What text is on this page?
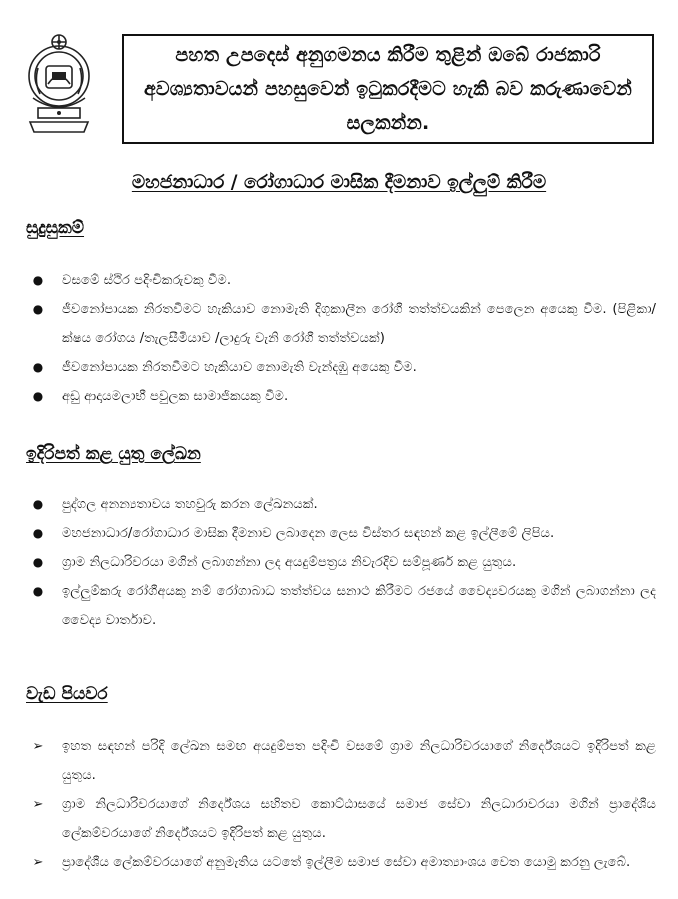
පහත උපදෙස් අනුගමනය කිරීම තුළින් ඔබේ රාජකාරි අවශ්‍යතාවයන් පහසුවෙන් ඉටුකරදීමට හැකි බව කරුණාවෙන් සලකන්න.
මහජනාධාර / රෝගාධාර මාසික දීමනාව ඉල්ලුම් කිරීම
සුදුසුකම්
●	වසමේ ස්ථිර පදිංචිකරුවකු වීම.
●	ජීවනෝපායක නිරතවීමට හැකියාව නොමැති දිගුකාලීන රෝගී තත්ත්වයකින් පෙලෙන අයෙකු වීම. (පිළිකා/ක්ෂය රෝගය /තැලසීමියාව /ලාදුරු වැනි රෝගී තත්ත්වයක්)
●	ජීවනෝපායක නිරතවීමට හැකියාව නොමැති වැන්දඹු අයෙකු වීම.
●	අඩු ආදායමලාභී පවුලක සාමාජිකයකු වීම.
ඉදිරිපත් කළ යුතු ලේඛන
●	පුද්ගල අනන්‍යතාවය තහවුරු කරන ලේඛනයක්.
●	මහජනාධාර/රෝගාධාර මාසික දීමනාව ලබාදෙන ලෙස විස්තර සඳහන් කළ ඉල්ලීමේ ලිපිය.
●	ග්‍රාම නිලධාරිවරයා මගින් ලබාගන්නා ලද අයදුම්පත්‍රය නිවැරදිව සම්පූර්ණ කළ යුතුය.
●	ඉල්ලුම්කරු රෝගීඅයකු නම් රෝගාබාධ තත්ත්වය සනාථ කිරීමට රජයේ වෛද්‍යවරයකු මගින් ලබාගන්නා ලද වෛද්‍ය වාර්තාව.
වැඩ පියවර
➢	ඉහත සඳහන් පරිදි ලේඛන සමඟ අයදුම්පත පදිංචි වසමේ ග්‍රාම නිලධාරිවරයාගේ නිර්දේශයට ඉදිරිපත් කළ යුතුය.
➢	ග්‍රාම නිලධාරිවරයාගේ නිර්දේශය සහිතව කොට්ඨාසයේ සමාජ සේවා නිලධාරාවරයා මගින් ප්‍රාදේශීය ලේකම්වරයාගේ නිර්දේශයට ඉදිරිපත් කළ යුතුය.
➢	ප්‍රාදේශීය ලේකම්වරයාගේ අනුමැතිය යටතේ ඉල්ලීම සමාජ සේවා අමාත්‍යාංශය වෙත යොමු කරනු ලැබේ.
